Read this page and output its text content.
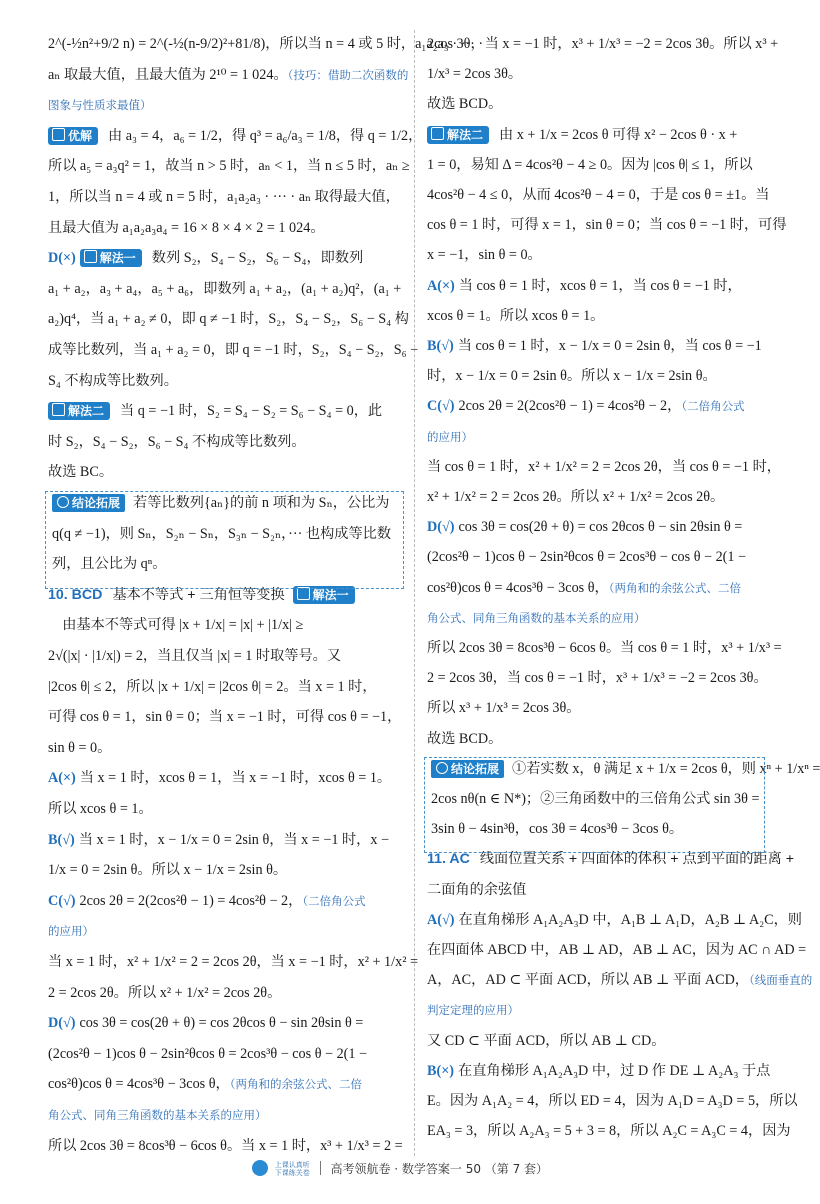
2^(-½n²+9/2 n) = 2^(-½(n-9/2)²+81/8)，所以当 n = 4 或 5 时，a₁a₂a₃ · ··· ·
aₙ 取最大值，且最大值为 2¹⁰ = 1 024。（技巧：借助二次函数的
图象与性质求最值）
优解 由 a₃ = 4，a₆ = 1/2，得 q³ = a₆/a₃ = 1/8，得 q = 1/2，
所以 a₅ = a₃q² = 1，故当 n > 5 时，aₙ < 1，当 n ≤ 5 时，aₙ ≥
1，所以当 n = 4 或 n = 5 时，a₁a₂a₃ · ··· · aₙ 取得最大值，
且最大值为 a₁a₂a₃a₄ = 16 × 8 × 4 × 2 = 1 024。
D(×) 解法一 数列 S₂，S₄ − S₂，S₆ − S₄，即数列
a₁ + a₂，a₃ + a₄，a₅ + a₆，即数列 a₁ + a₂，(a₁ + a₂)q²，(a₁ +
a₂)q⁴，当 a₁ + a₂ ≠ 0，即 q ≠ −1 时，S₂，S₄ − S₂，S₆ − S₄ 构
成等比数列，当 a₁ + a₂ = 0，即 q = −1 时，S₂，S₄ − S₂，S₆ −
S₄ 不构成等比数列。
解法二 当 q = −1 时，S₂ = S₄ − S₂ = S₆ − S₄ = 0，此
时 S₂，S₄ − S₂，S₆ − S₄ 不构成等比数列。
故选 BC。
结论拓展 若等比数列{aₙ}的前 n 项和为 Sₙ，公比为
q(q ≠ −1)，则 Sₙ，S₂ₙ − Sₙ，S₃ₙ − S₂ₙ，··· 也构成等比数
列，且公比为 qⁿ。
10. BCD 基本不等式 + 三角恒等变换 解法一
　由基本不等式可得 |x + 1/x| = |x| + |1/x| ≥
2√(|x| · |1/x|) = 2，当且仅当 |x| = 1 时取等号。又
|2cos θ| ≤ 2，所以 |x + 1/x| = |2cos θ| = 2。当 x = 1 时，
可得 cos θ = 1，sin θ = 0；当 x = −1 时，可得 cos θ = −1，
sin θ = 0。
A(×) 当 x = 1 时，xcos θ = 1，当 x = −1 时，xcos θ = 1。
所以 xcos θ = 1。
B(√) 当 x = 1 时，x − 1/x = 0 = 2sin θ，当 x = −1 时，x −
1/x = 0 = 2sin θ。所以 x − 1/x = 2sin θ。
C(√) 2cos 2θ = 2(2cos²θ − 1) = 4cos²θ − 2，（二倍角公式
的应用）
当 x = 1 时，x² + 1/x² = 2 = 2cos 2θ，当 x = −1 时，x² + 1/x² =
2 = 2cos 2θ。所以 x² + 1/x² = 2cos 2θ。
D(√) cos 3θ = cos(2θ + θ) = cos 2θcos θ − sin 2θsin θ =
(2cos²θ − 1)cos θ − 2sin²θcos θ = 2cos³θ − cos θ − 2(1 −
cos²θ)cos θ = 4cos³θ − 3cos θ，（两角和的余弦公式、二倍
角公式、同角三角函数的基本关系的应用）
所以 2cos 3θ = 8cos³θ − 6cos θ。当 x = 1 时，x³ + 1/x³ = 2 =
2cos 3θ，当 x = −1 时，x³ + 1/x³ = −2 = 2cos 3θ。所以 x³ +
1/x³ = 2cos 3θ。
故选 BCD。
解法二 由 x + 1/x = 2cos θ 可得 x² − 2cos θ · x +
1 = 0，易知 Δ = 4cos²θ − 4 ≥ 0。因为 |cos θ| ≤ 1，所以
4cos²θ − 4 ≤ 0，从而 4cos²θ − 4 = 0，于是 cos θ = ±1。当
cos θ = 1 时，可得 x = 1，sin θ = 0；当 cos θ = −1 时，可得
x = −1，sin θ = 0。
A(×) 当 cos θ = 1 时，xcos θ = 1，当 cos θ = −1 时，
xcos θ = 1。所以 xcos θ = 1。
B(√) 当 cos θ = 1 时，x − 1/x = 0 = 2sin θ，当 cos θ = −1
时，x − 1/x = 0 = 2sin θ。所以 x − 1/x = 2sin θ。
C(√) 2cos 2θ = 2(2cos²θ − 1) = 4cos²θ − 2，（二倍角公式
的应用）
当 cos θ = 1 时，x² + 1/x² = 2 = 2cos 2θ，当 cos θ = −1 时，
x² + 1/x² = 2 = 2cos 2θ。所以 x² + 1/x² = 2cos 2θ。
D(√) cos 3θ = cos(2θ + θ) = cos 2θcos θ − sin 2θsin θ =
(2cos²θ − 1)cos θ − 2sin²θcos θ = 2cos³θ − cos θ − 2(1 −
cos²θ)cos θ = 4cos³θ − 3cos θ，（两角和的余弦公式、二倍
角公式、同角三角函数的基本关系的应用）
所以 2cos 3θ = 8cos³θ − 6cos θ。当 cos θ = 1 时，x³ + 1/x³ =
2 = 2cos 3θ，当 cos θ = −1 时，x³ + 1/x³ = −2 = 2cos 3θ。
所以 x³ + 1/x³ = 2cos 3θ。
故选 BCD。
结论拓展 ①若实数 x，θ 满足 x + 1/x = 2cos θ，则 xⁿ + 1/xⁿ =
2cos nθ(n ∈ N*)；②三角函数中的三倍角公式 sin 3θ =
3sin θ − 4sin³θ，cos 3θ = 4cos³θ − 3cos θ。
11. AC 线面位置关系 + 四面体的体积 + 点到平面的距离 +
二面角的余弦值
A(√) 在直角梯形 A₁A₂A₃D 中，A₁B ⊥ A₁D，A₂B ⊥ A₂C，则
在四面体 ABCD 中，AB ⊥ AD，AB ⊥ AC，因为 AC ∩ AD =
A，AC，AD ⊂ 平面 ACD，所以 AB ⊥ 平面 ACD，（线面垂直的
判定定理的应用）
又 CD ⊂ 平面 ACD，所以 AB ⊥ CD。
B(×) 在直角梯形 A₁A₂A₃D 中，过 D 作 DE ⊥ A₂A₃ 于点
E。因为 A₁A₂ = 4，所以 ED = 4，因为 A₁D = A₃D = 5，所以
EA₃ = 3，所以 A₂A₃ = 5 + 3 = 8，所以 A₂C = A₃C = 4，因为
上课认真听
下课练关卷 高考领航卷 · 数学答案一 50 （第 7 套）
